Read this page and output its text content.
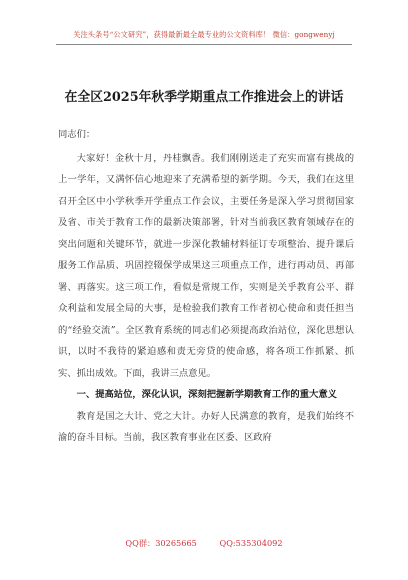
关注头条号“公文研究”，获得最新最全最专业的公文资料库！ 微信：gongwenyj
在全区2025年秋季学期重点工作推进会上的讲话

同志们：

大家好！金秋十月，丹桂飘香。我们刚刚送走了充实而富有挑战的上一学年，又满怀信心地迎来了充满希望的新学期。今天，我们在这里召开全区中小学秋季开学重点工作会议，主要任务是深入学习贯彻国家及省、市关于教育工作的最新决策部署，针对当前我区教育领域存在的突出问题和关键环节，就进一步深化教辅材料征订专项整治、提升课后服务工作品质、巩固控辍保学成果这三项重点工作，进行再动员、再部署、再落实。这三项工作，看似是常规工作，实则是关乎教育公平、群众利益和发展全局的大事，是检验我们教育工作者初心使命和责任担当的“经验交流”。全区教育系统的同志们必须提高政治站位，深化思想认识，以时不我待的紧迫感和责无旁贷的使命感，将各项工作抓紧、抓实、抓出成效。下面，我讲三点意见。

一、提高站位，深化认识，深刻把握新学期教育工作的重大意义

教育是国之大计、党之大计。办好人民满意的教育，是我们始终不渝的奋斗目标。当前，我区教育事业在区委、区政府

QQ群：30265665	QQ:535304092
